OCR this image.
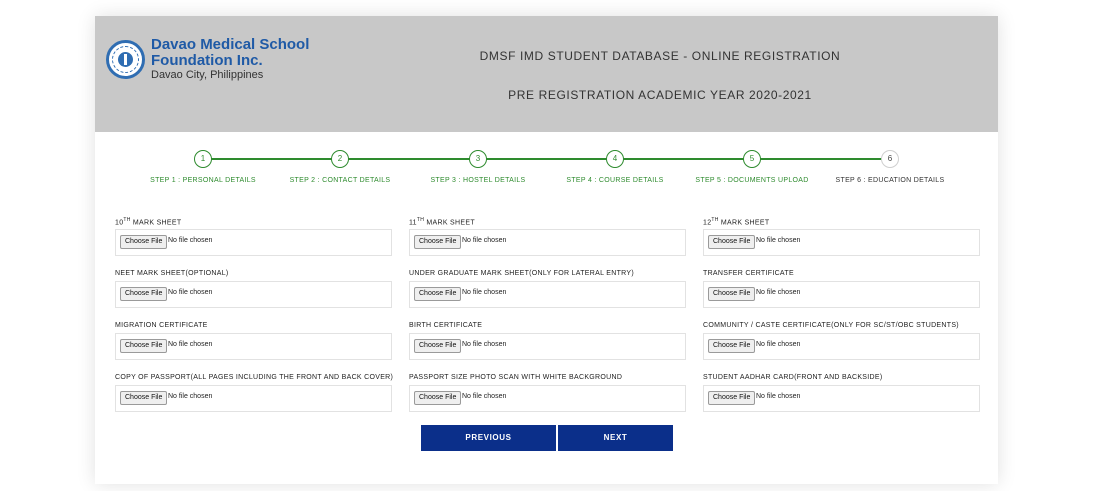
Davao Medical School Foundation Inc.
Davao City, Philippines
DMSF IMD STUDENT DATABASE - ONLINE REGISTRATION
PRE REGISTRATION ACADEMIC YEAR 2020-2021
1	2	3	4	5	6
STEP 1 : PERSONAL DETAILS	STEP 2 : CONTACT DETAILS	STEP 3 : HOSTEL DETAILS	STEP 4 : COURSE DETAILS	STEP 5 : DOCUMENTS UPLOAD	STEP 6 : EDUCATION DETAILS
10TH MARK SHEET
Choose File No file chosen
11TH MARK SHEET
Choose File No file chosen
12TH MARK SHEET
Choose File No file chosen
NEET MARK SHEET(OPTIONAL)
Choose File No file chosen
UNDER GRADUATE MARK SHEET(ONLY FOR LATERAL ENTRY)
Choose File No file chosen
TRANSFER CERTIFICATE
Choose File No file chosen
MIGRATION CERTIFICATE
Choose File No file chosen
BIRTH CERTIFICATE
Choose File No file chosen
COMMUNITY / CASTE CERTIFICATE(ONLY FOR SC/ST/OBC STUDENTS)
Choose File No file chosen
COPY OF PASSPORT(ALL PAGES INCLUDING THE FRONT AND BACK COVER)
Choose File No file chosen
PASSPORT SIZE PHOTO SCAN WITH WHITE BACKGROUND
Choose File No file chosen
STUDENT AADHAR CARD(FRONT AND BACKSIDE)
Choose File No file chosen
PREVIOUS	NEXT
